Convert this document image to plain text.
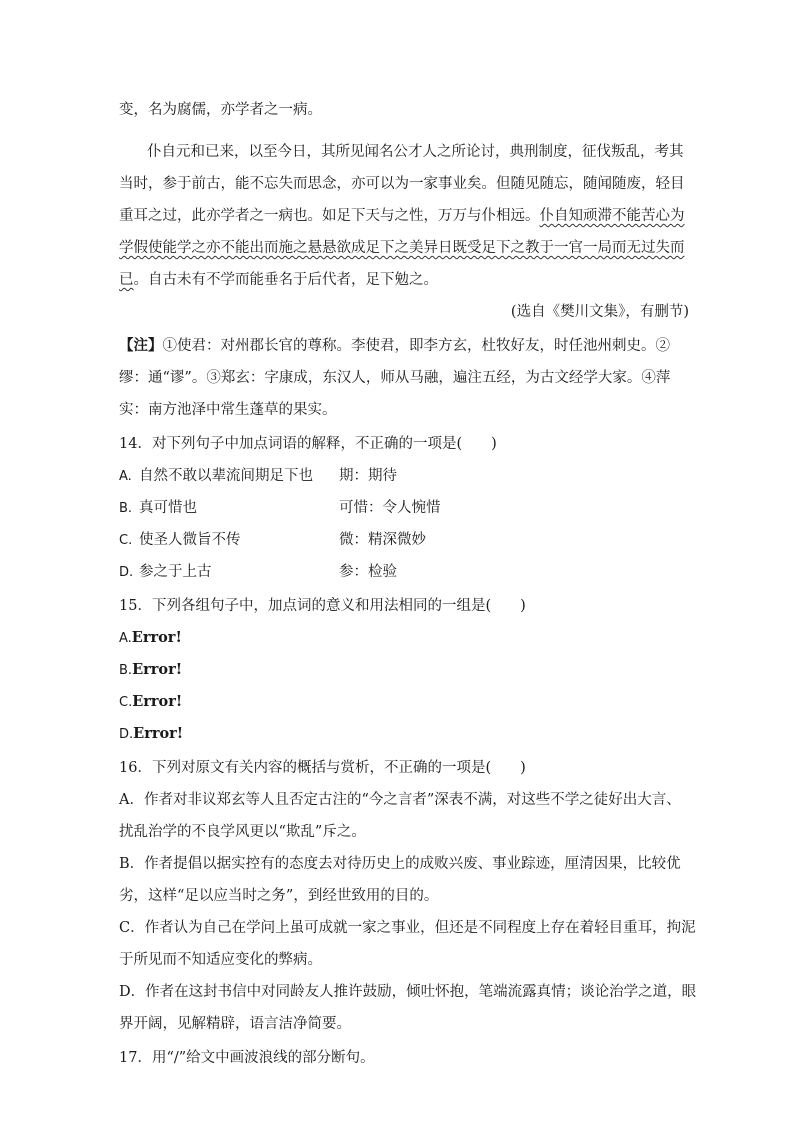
变，名为腐儒，亦学者之一病。
仆自元和已来，以至今日，其所见闻名公才人之所论讨，典刑制度，征伐叛乱，考其
当时，参于前古，能不忘失而思念，亦可以为一家事业矣。但随见随忘，随闻随废，轻目
重耳之过，此亦学者之一病也。如足下天与之性，万万与仆相远。仆自知顽滞不能苦心为
学假使能学之亦不能出而施之悬悬欲成足下之美异日既受足下之教于一官一局而无过失而
已。自古未有不学而能垂名于后代者，足下勉之。
(选自《樊川文集》，有删节)
【注】①使君：对州郡长官的尊称。李使君，即李方玄，杜牧好友，时任池州刺史。②
缪：通“谬”。③郑玄：字康成，东汉人，师从马融，遍注五经，为古文经学大家。④萍
实：南方池泽中常生蓬草的果实。
14．对下列句子中加点词语的解释，不正确的一项是(　　)
A. 自然不敢以辈流间期足下也 期：期待
B. 真可惜也	可惜：令人惋惜
C. 使圣人微旨不传	微：精深微妙
D. 参之于上古	参：检验
15．下列各组句子中，加点词的意义和用法相同的一组是(　　)
A.Error!
B.Error!
C.Error!
D.Error!
16．下列对原文有关内容的概括与赏析，不正确的一项是(　　)
A．作者对非议郑玄等人且否定古注的“今之言者”深表不满，对这些不学之徒好出大言、
扰乱治学的不良学风更以“欺乱”斥之。
B．作者提倡以据实控有的态度去对待历史上的成败兴废、事业踪迹，厘清因果，比较优
劣，这样“足以应当时之务”，到经世致用的目的。
C．作者认为自己在学问上虽可成就一家之事业，但还是不同程度上存在着轻目重耳，拘泥
于所见而不知适应变化的弊病。
D．作者在这封书信中对同龄友人推许鼓励，倾吐怀抱，笔端流露真情；谈论治学之道，眼
界开阔，见解精辟，语言洁净简要。
17．用“/”给文中画波浪线的部分断句。
